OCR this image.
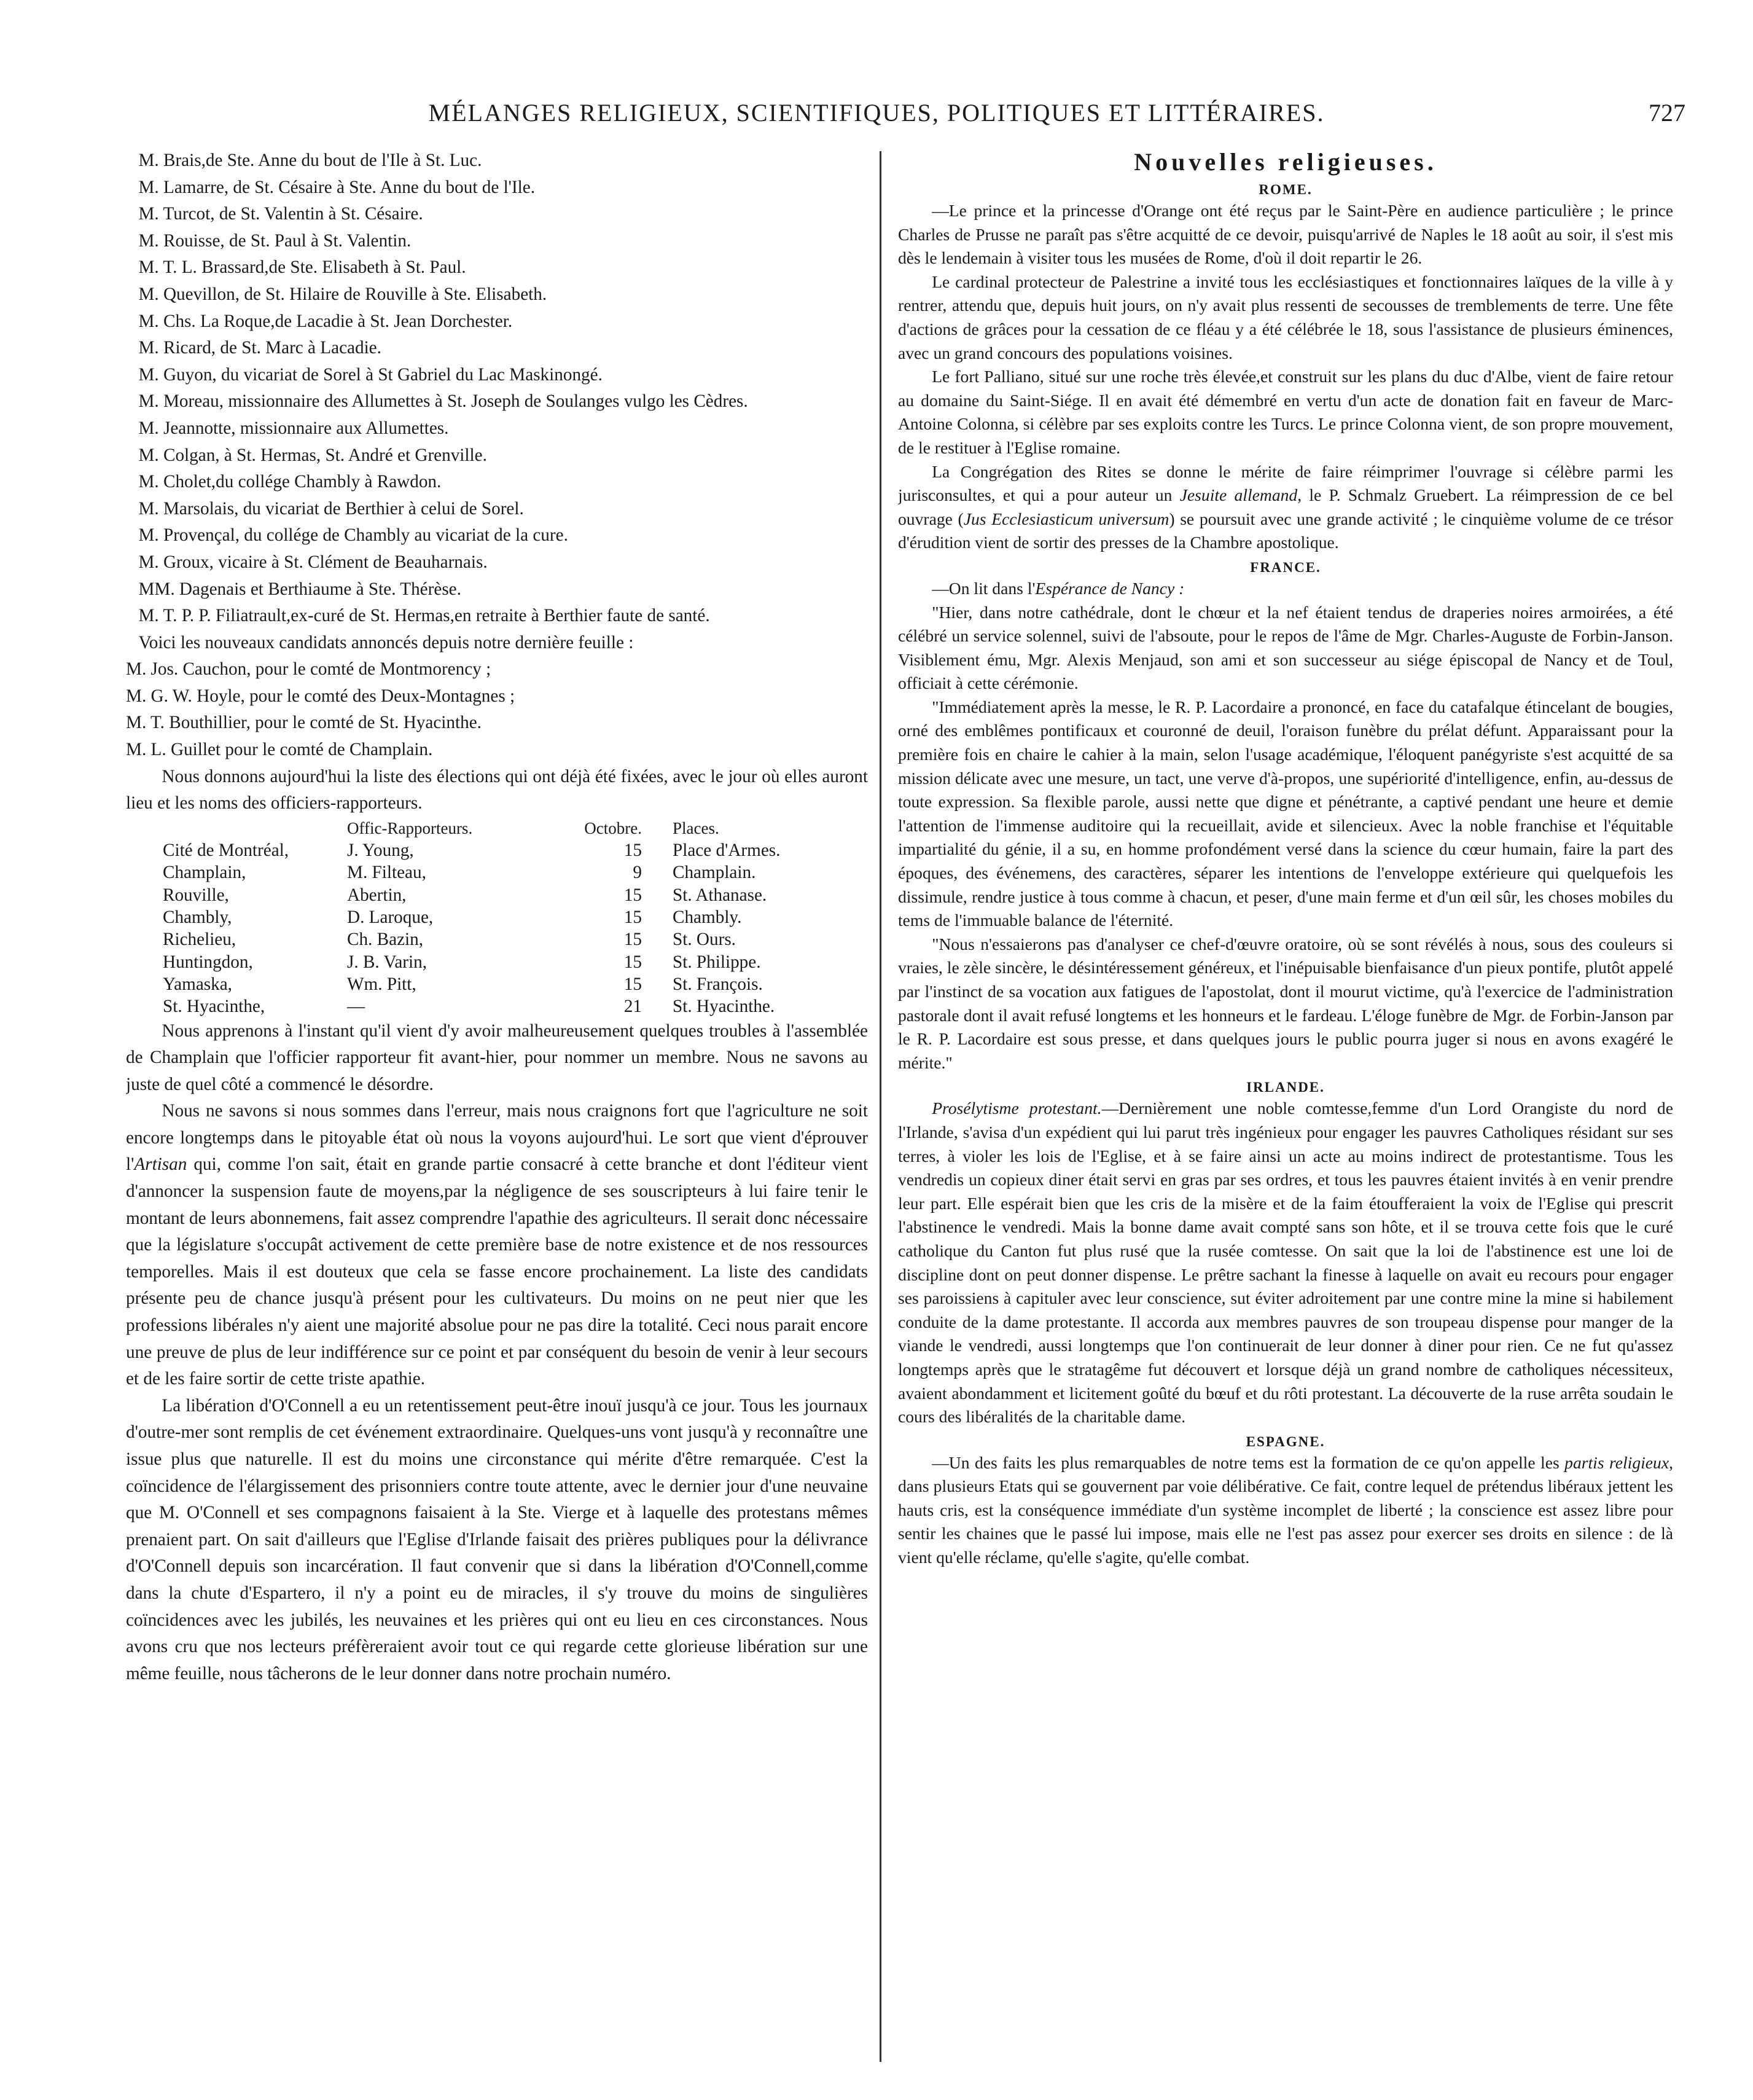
MÉLANGES RELIGIEUX, SCIENTIFIQUES, POLITIQUES ET LITTÉRAIRES.	727

M. Brais,de Ste. Anne du bout de l'Ile à St. Luc.

M. Lamarre, de St. Césaire à Ste. Anne du bout de l'Ile.

M. Turcot, de St. Valentin à St. Césaire.

M. Rouisse, de St. Paul à St. Valentin.

M. T. L. Brassard,de Ste. Elisabeth à St. Paul.

M. Quevillon, de St. Hilaire de Rouville à Ste. Elisabeth.

M. Chs. La Roque,de Lacadie à St. Jean Dorchester.

M. Ricard, de St. Marc à Lacadie.

M. Guyon, du vicariat de Sorel à St Gabriel du Lac Maskinongé.

M. Moreau, missionnaire des Allumettes à St. Joseph de Soulanges vulgo les Cèdres.

M. Jeannotte, missionnaire aux Allumettes.

M. Colgan, à St. Hermas, St. André et Grenville.

M. Cholet,du collége Chambly à Rawdon.

M. Marsolais, du vicariat de Berthier à celui de Sorel.

M. Provençal, du collége de Chambly au vicariat de la cure.

M. Groux, vicaire à St. Clément de Beauharnais.

MM. Dagenais et Berthiaume à Ste. Thérèse.

M. T. P. P. Filiatrault,ex-curé de St. Hermas,en retraite à Berthier faute de santé.

Voici les nouveaux candidats annoncés depuis notre dernière feuille :

M. Jos. Cauchon, pour le comté de Montmorency ;

M. G. W. Hoyle, pour le comté des Deux-Montagnes ;

M. T. Bouthillier, pour le comté de St. Hyacinthe.

M. L. Guillet pour le comté de Champlain.

Nous donnons aujourd'hui la liste des élections qui ont déjà été fixées, avec le jour où elles auront lieu et les noms des officiers-rapporteurs.

	Offic-Rapporteurs.	Octobre.	Places.
Cité de Montréal,	J. Young,	15	Place d'Armes.
Champlain,	M. Filteau,	9	Champlain.
Rouville,	Abertin,	15	St. Athanase.
Chambly,	D. Laroque,	15	Chambly.
Richelieu,	Ch. Bazin,	15	St. Ours.
Huntingdon,	J. B. Varin,	15	St. Philippe.
Yamaska,	Wm. Pitt,	15	St. François.
St. Hyacinthe,	—	21	St. Hyacinthe.

Nous apprenons à l'instant qu'il vient d'y avoir malheureusement quelques troubles à l'assemblée de Champlain que l'officier rapporteur fit avant-hier, pour nommer un membre. Nous ne savons au juste de quel côté a commencé le désordre.

Nous ne savons si nous sommes dans l'erreur, mais nous craignons fort que l'agriculture ne soit encore longtemps dans le pitoyable état où nous la voyons aujourd'hui. Le sort que vient d'éprouver l'Artisan qui, comme l'on sait, était en grande partie consacré à cette branche et dont l'éditeur vient d'annoncer la suspension faute de moyens,par la négligence de ses souscripteurs à lui faire tenir le montant de leurs abonnemens, fait assez comprendre l'apathie des agriculteurs. Il serait donc nécessaire que la législature s'occupât activement de cette première base de notre existence et de nos ressources temporelles. Mais il est douteux que cela se fasse encore prochainement. La liste des candidats présente peu de chance jusqu'à présent pour les cultivateurs. Du moins on ne peut nier que les professions libérales n'y aient une majorité absolue pour ne pas dire la totalité. Ceci nous parait encore une preuve de plus de leur indifférence sur ce point et par conséquent du besoin de venir à leur secours et de les faire sortir de cette triste apathie.

La libération d'O'Connell a eu un retentissement peut-être inouï jusqu'à ce jour. Tous les journaux d'outre-mer sont remplis de cet événement extraordinaire. Quelques-uns vont jusqu'à y reconnaître une issue plus que naturelle. Il est du moins une circonstance qui mérite d'être remarquée. C'est la coïncidence de l'élargissement des prisonniers contre toute attente, avec le dernier jour d'une neuvaine que M. O'Connell et ses compagnons faisaient à la Ste. Vierge et à laquelle des protestans mêmes prenaient part. On sait d'ailleurs que l'Eglise d'Irlande faisait des prières publiques pour la délivrance d'O'Connell depuis son incarcération. Il faut convenir que si dans la libération d'O'Connell,comme dans la chute d'Espartero, il n'y a point eu de miracles, il s'y trouve du moins de singulières coïncidences avec les jubilés, les neuvaines et les prières qui ont eu lieu en ces circonstances. Nous avons cru que nos lecteurs préfèreraient avoir tout ce qui regarde cette glorieuse libération sur une même feuille, nous tâcherons de le leur donner dans notre prochain numéro.

Nouvelles religieuses.
ROME.

—Le prince et la princesse d'Orange ont été reçus par le Saint-Père en audience particulière ; le prince Charles de Prusse ne paraît pas s'être acquitté de ce devoir, puisqu'arrivé de Naples le 18 août au soir, il s'est mis dès le lendemain à visiter tous les musées de Rome, d'où il doit repartir le 26.

Le cardinal protecteur de Palestrine a invité tous les ecclésiastiques et fonctionnaires laïques de la ville à y rentrer, attendu que, depuis huit jours, on n'y avait plus ressenti de secousses de tremblements de terre. Une fête d'actions de grâces pour la cessation de ce fléau y a été célébrée le 18, sous l'assistance de plusieurs éminences, avec un grand concours des populations voisines.

Le fort Palliano, situé sur une roche très élevée,et construit sur les plans du duc d'Albe, vient de faire retour au domaine du Saint-Siége. Il en avait été démembré en vertu d'un acte de donation fait en faveur de Marc-Antoine Colonna, si célèbre par ses exploits contre les Turcs. Le prince Colonna vient, de son propre mouvement, de le restituer à l'Eglise romaine.

La Congrégation des Rites se donne le mérite de faire réimprimer l'ouvrage si célèbre parmi les jurisconsultes, et qui a pour auteur un Jesuite allemand, le P. Schmalz Gruebert. La réimpression de ce bel ouvrage (Jus Ecclesiasticum universum) se poursuit avec une grande activité ; le cinquième volume de ce trésor d'érudition vient de sortir des presses de la Chambre apostolique.

FRANCE.

—On lit dans l'Espérance de Nancy :

"Hier, dans notre cathédrale, dont le chœur et la nef étaient tendus de draperies noires armoirées, a été célébré un service solennel, suivi de l'absoute, pour le repos de l'âme de Mgr. Charles-Auguste de Forbin-Janson. Visiblement ému, Mgr. Alexis Menjaud, son ami et son successeur au siége épiscopal de Nancy et de Toul, officiait à cette cérémonie.

"Immédiatement après la messe, le R. P. Lacordaire a prononcé, en face du catafalque étincelant de bougies, orné des emblêmes pontificaux et couronné de deuil, l'oraison funèbre du prélat défunt. Apparaissant pour la première fois en chaire le cahier à la main, selon l'usage académique, l'éloquent panégyriste s'est acquitté de sa mission délicate avec une mesure, un tact, une verve d'à-propos, une supériorité d'intelligence, enfin, au-dessus de toute expression. Sa flexible parole, aussi nette que digne et pénétrante, a captivé pendant une heure et demie l'attention de l'immense auditoire qui la recueillait, avide et silencieux. Avec la noble franchise et l'équitable impartialité du génie, il a su, en homme profondément versé dans la science du cœur humain, faire la part des époques, des événemens, des caractères, séparer les intentions de l'enveloppe extérieure qui quelquefois les dissimule, rendre justice à tous comme à chacun, et peser, d'une main ferme et d'un œil sûr, les choses mobiles du tems de l'immuable balance de l'éternité.

"Nous n'essaierons pas d'analyser ce chef-d'œuvre oratoire, où se sont révélés à nous, sous des couleurs si vraies, le zèle sincère, le désintéressement généreux, et l'inépuisable bienfaisance d'un pieux pontife, plutôt appelé par l'instinct de sa vocation aux fatigues de l'apostolat, dont il mourut victime, qu'à l'exercice de l'administration pastorale dont il avait refusé longtems et les honneurs et le fardeau. L'éloge funèbre de Mgr. de Forbin-Janson par le R. P. Lacordaire est sous presse, et dans quelques jours le public pourra juger si nous en avons exagéré le mérite."

IRLANDE.

Prosélytisme protestant.—Dernièrement une noble comtesse,femme d'un Lord Orangiste du nord de l'Irlande, s'avisa d'un expédient qui lui parut très ingénieux pour engager les pauvres Catholiques résidant sur ses terres, à violer les lois de l'Eglise, et à se faire ainsi un acte au moins indirect de protestantisme. Tous les vendredis un copieux diner était servi en gras par ses ordres, et tous les pauvres étaient invités à en venir prendre leur part. Elle espérait bien que les cris de la misère et de la faim étoufferaient la voix de l'Eglise qui prescrit l'abstinence le vendredi. Mais la bonne dame avait compté sans son hôte, et il se trouva cette fois que le curé catholique du Canton fut plus rusé que la rusée comtesse. On sait que la loi de l'abstinence est une loi de discipline dont on peut donner dispense. Le prêtre sachant la finesse à laquelle on avait eu recours pour engager ses paroissiens à capituler avec leur conscience, sut éviter adroitement par une contre mine la mine si habilement conduite de la dame protestante. Il accorda aux membres pauvres de son troupeau dispense pour manger de la viande le vendredi, aussi longtemps que l'on continuerait de leur donner à diner pour rien. Ce ne fut qu'assez longtemps après que le stratagême fut découvert et lorsque déjà un grand nombre de catholiques nécessiteux, avaient abondamment et licitement goûté du bœuf et du rôti protestant. La découverte de la ruse arrêta soudain le cours des libéralités de la charitable dame.

ESPAGNE.

—Un des faits les plus remarquables de notre tems est la formation de ce qu'on appelle les partis religieux, dans plusieurs Etats qui se gouvernent par voie délibérative. Ce fait, contre lequel de prétendus libéraux jettent les hauts cris, est la conséquence immédiate d'un système incomplet de liberté ; la conscience est assez libre pour sentir les chaines que le passé lui impose, mais elle ne l'est pas assez pour exercer ses droits en silence : de là vient qu'elle réclame, qu'elle s'agite, qu'elle combat.
